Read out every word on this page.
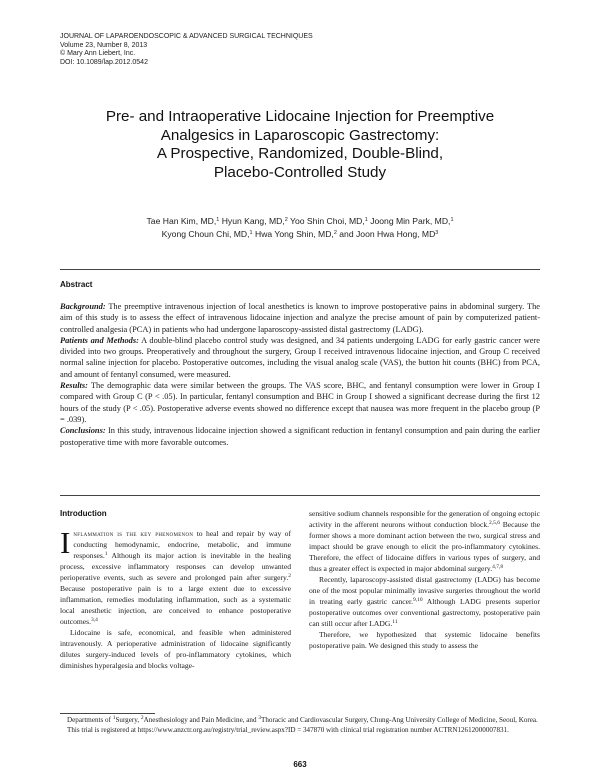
JOURNAL OF LAPAROENDOSCOPIC & ADVANCED SURGICAL TECHNIQUES
Volume 23, Number 8, 2013
© Mary Ann Liebert, Inc.
DOI: 10.1089/lap.2012.0542
Pre- and Intraoperative Lidocaine Injection for Preemptive
Analgesics in Laparoscopic Gastrectomy:
A Prospective, Randomized, Double-Blind,
Placebo-Controlled Study
Tae Han Kim, MD,$^1$ Hyun Kang, MD,$^2$ Yoo Shin Choi, MD,$^1$ Joong Min Park, MD,$^1$
Kyong Choun Chi, MD,$^1$ Hwa Yong Shin, MD,$^2$ and Joon Hwa Hong, $MD^3$
Abstract

Background: The preemptive intravenous injection of local anesthetics is known to improve postoperative pains in abdominal surgery. The aim of this study is to assess the effect of intravenous lidocaine injection and analyze the precise amount of pain by computerized patient-controlled analgesia (PCA) in patients who had undergone laparoscopy-assisted distal gastrectomy (LADG).

Patients and Methods: A double-blind placebo control study was designed, and 34 patients undergoing LADG for early gastric cancer were divided into two groups. Preoperatively and throughout the surgery, Group I received intravenous lidocaine injection, and Group C received normal saline injection for placebo. Postoperative outcomes, including the visual analog scale (VAS), the button hit counts (BHC) from PCA, and amount of fentanyl consumed, were measured.

Results: The demographic data were similar between the groups. The VAS score, BHC, and fentanyl consumption were lower in Group I compared with Group C (P < .05). In particular, fentanyl consumption and BHC in Group I showed a significant decrease during the first 12 hours of the study (P < .05). Postoperative adverse events showed no difference except that nausea was more frequent in the placebo group (P = .039).

Conclusions: In this study, intravenous lidocaine injection showed a significant reduction in fentanyl consumption and pain during the earlier postoperative time with more favorable outcomes.

Introduction

Inflammation is the key phenomenon to heal and repair by way of conducting hemodynamic, endocrine, metabolic, and immune responses.$^1$ Although its major action is inevitable in the healing process, excessive inflammatory responses can develop unwanted perioperative events, such as severe and prolonged pain after surgery.$^2$ Because postoperative pain is to a large extent due to excessive inflammation, remedies modulating inflammation, such as a systematic local anesthetic injection, are conceived to enhance postoperative outcomes.$^{3,4}$

Lidocaine is safe, economical, and feasible when administered intravenously. A perioperative administration of lidocaine significantly dilutes surgery-induced levels of pro-inflammatory cytokines, which diminishes hyperalgesia and blocks voltage-

sensitive sodium channels responsible for the generation of ongoing ectopic activity in the afferent neurons without conduction block.$^{2,5,6}$ Because the former shows a more dominant action between the two, surgical stress and impact should be grave enough to elicit the pro-inflammatory cytokines. Therefore, the effect of lidocaine differs in various types of surgery, and thus a greater effect is expected in major abdominal surgery.$^{4,7,8}$

Recently, laparoscopy-assisted distal gastrectomy (LADG) has become one of the most popular minimally invasive surgeries throughout the world in treating early gastric cancer.$^{9,10}$ Although LADG presents superior postoperative outcomes over conventional gastrectomy, postoperative pain can still occur after LADG.$^{11}$

Therefore, we hypothesized that systemic lidocaine benefits postoperative pain. We designed this study to assess the

Departments of $^1$Surgery, $^2$Anesthesiology and Pain Medicine, and $^3$Thoracic and Cardiovascular Surgery, Chung-Ang University College of Medicine, Seoul, Korea.

This trial is registered at https://www.anzctr.org.au/registry/trial_review.aspx?ID = 347870 with clinical trial registration number ACTRN12612000007831.

663
